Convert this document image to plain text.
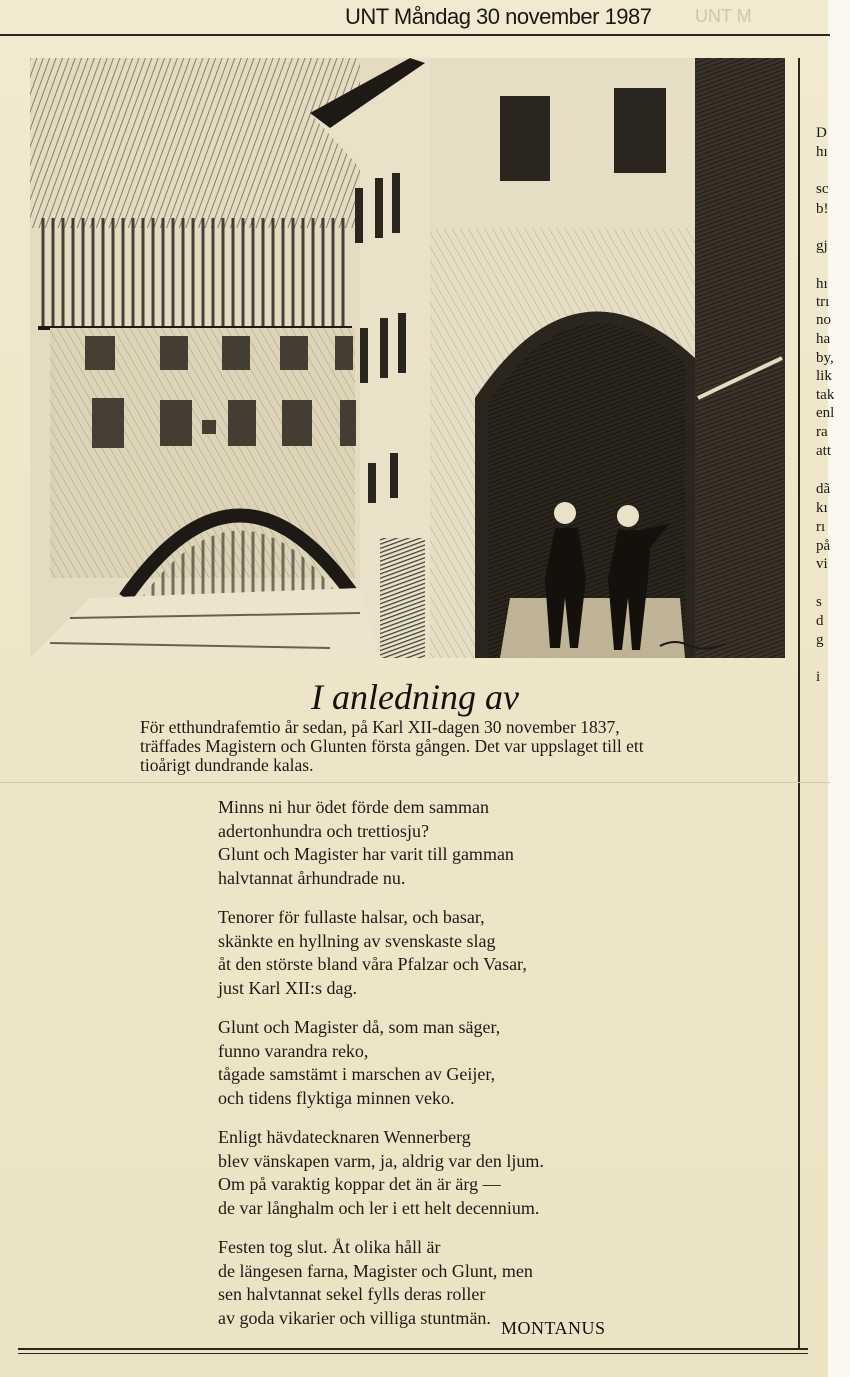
UNT Måndag 30 november 1987 UNT M
D
hı
sc
b!
gj
hı
trı
no
ha
by,
lik
tak
enl
ra
att
dã
kı
rı
på
vi
s
d
g
i
I anledning av

För etthundrafemtio år sedan, på Karl XII-dagen 30 november 1837, träffades Magistern och Glunten första gången. Det var uppslaget till ett tioårigt dundrande kalas.

Minns ni hur ödet förde dem samman
adertonhundra och trettiosju?
Glunt och Magister har varit till gamman
halvtannat århundrade nu.
Tenorer för fullaste halsar, och basar,
skänkte en hyllning av svenskaste slag
åt den störste bland våra Pfalzar och Vasar,
just Karl XII:s dag.
Glunt och Magister då, som man säger,
funno varandra reko,
tågade samstämt i marschen av Geijer,
och tidens flyktiga minnen veko.
Enligt hävdatecknaren Wennerberg
blev vänskapen varm, ja, aldrig var den ljum.
Om på varaktig koppar det än är ärg —
de var långhalm och ler i ett helt decennium.
Festen tog slut. Åt olika håll är
de längesen farna, Magister och Glunt, men
sen halvtannat sekel fylls deras roller
av goda vikarier och villiga stuntmän.
MONTANUS
